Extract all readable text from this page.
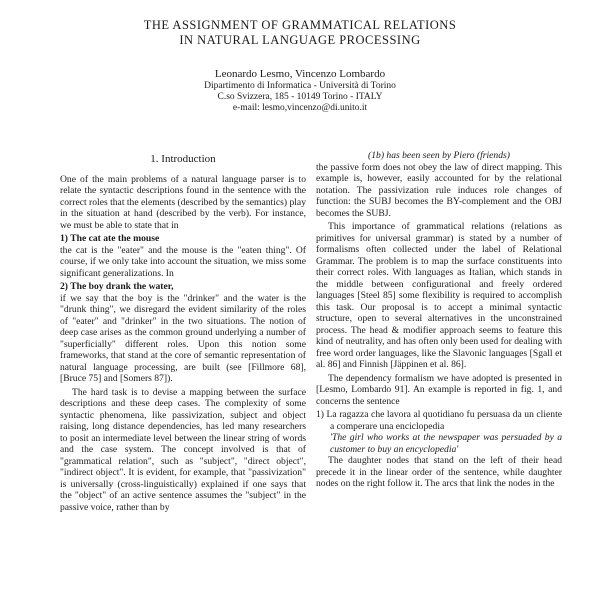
THE ASSIGNMENT OF GRAMMATICAL RELATIONS
IN NATURAL LANGUAGE PROCESSING
Leonardo Lesmo, Vincenzo Lombardo
Dipartimento di Informatica - Università di Torino
C.so Svizzera, 185 - 10149 Torino - ITALY
e-mail: lesmo,vincenzo@di.unito.it
1. Introduction

One of the main problems of a natural language parser is to relate the syntactic descriptions found in the sentence with the correct roles that the elements (described by the semantics) play in the situation at hand (described by the verb). For instance, we must be able to state that in

1) The cat ate the mouse

the cat is the "eater" and the mouse is the "eaten thing". Of course, if we only take into account the situation, we miss some significant generalizations. In

2) The boy drank the water,

if we say that the boy is the "drinker" and the water is the "drunk thing", we disregard the evident similarity of the roles of "eater" and "drinker" in the two situations. The notion of deep case arises as the common ground underlying a number of "superficially" different roles. Upon this notion some frameworks, that stand at the core of semantic representation of natural language processing, are built (see [Fillmore 68], [Bruce 75] and [Somers 87]).

The hard task is to devise a mapping between the surface descriptions and these deep cases. The complexity of some syntactic phenomena, like passivization, subject and object raising, long distance dependencies, has led many researchers to posit an intermediate level between the linear string of words and the case system. The concept involved is that of "grammatical relation", such as "subject", "direct object", "indirect object". It is evident, for example, that "passivization" is universally (cross-linguistically) explained if one says that the "object" of an active sentence assumes the "subject" in the passive voice, rather than by

(1b) has been seen by Piero (friends)

the passive form does not obey the law of direct mapping. This example is, however, easily accounted for by the relational notation. The passivization rule induces role changes of function: the SUBJ becomes the BY-complement and the OBJ becomes the SUBJ.

This importance of grammatical relations (relations as primitives for universal grammar) is stated by a number of formalisms often collected under the label of Relational Grammar. The problem is to map the surface constituents into their correct roles. With languages as Italian, which stands in the middle between configurational and freely ordered languages [Steel 85] some flexibility is required to accomplish this task. Our proposal is to accept a minimal syntactic structure, open to several alternatives in the unconstrained process. The head & modifier approach seems to feature this kind of neutrality, and has often only been used for dealing with free word order languages, like the Slavonic languages [Sgall et al. 86] and Finnish [Jäppinen et al. 86].

The dependency formalism we have adopted is presented in [Lesmo, Lombardo 91]. An example is reported in fig. 1, and concerns the sentence

1) La ragazza che lavora al quotidiano fu persuasa da un cliente a comperare una enciclopedia

'The girl who works at the newspaper was persuaded by a customer to buy an encyclopedia'

The daughter nodes that stand on the left of their head precede it in the linear order of the sentence, while daughter nodes on the right follow it. The arcs that link the nodes in the
